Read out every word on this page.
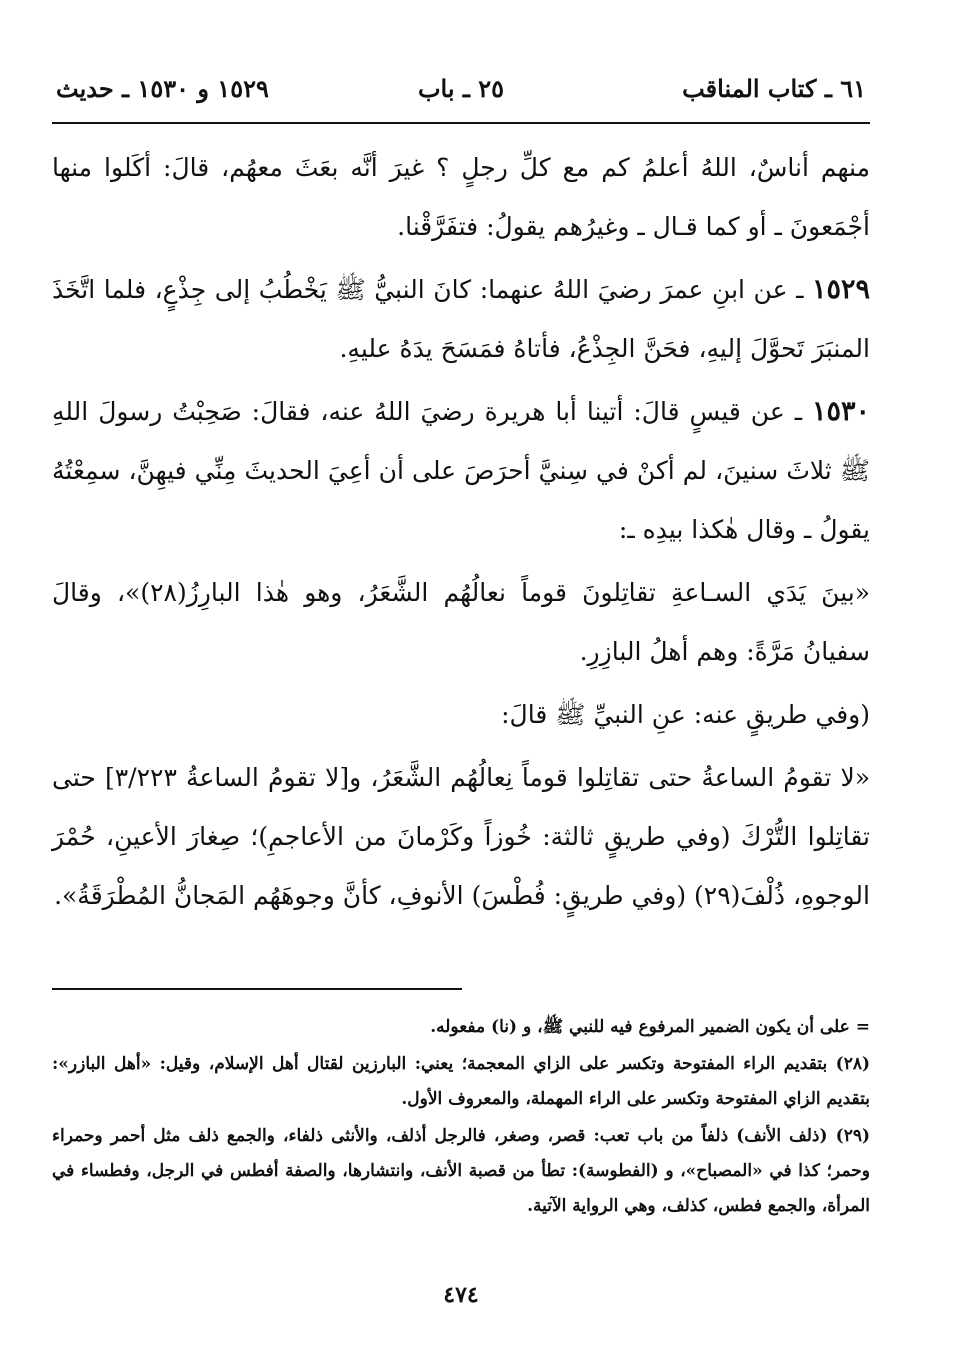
٦١ ـ كتاب المناقب
٢٥ ـ باب
١٥٢٩ و ١٥٣٠ ـ حديث

منهم أناسٌ، اللهُ أعلمُ كم مع كلِّ رجلٍ ؟ غيرَ أنَّه بعَثَ معهُم، قالَ: أكَلوا منها أجْمَعونَ ـ أو كما قـال ـ وغيرُهم يقولُ: فتفَرَّقْنا.

١٥٢٩ ـ عن ابنِ عمرَ رضيَ اللهُ عنهما: كانَ النبيُّ ﷺ يَخْطُبُ إلى جِذْعٍ، فلما اتَّخَذَ المنبَرَ تَحوَّلَ إليهِ، فحَنَّ الجِذْعُ، فأتاهُ فمَسَحَ يدَهُ عليهِ.

١٥٣٠ ـ عن قيسٍ قالَ: أتينا أبا هريرة رضيَ اللهُ عنه، فقالَ: صَحِبْتُ رسولَ اللهِ ﷺ ثلاثَ سنينَ، لم أكنْ في سِنيَّ أحرَصَ على أن أعِيَ الحديثَ مِنِّي فيهِنَّ، سمِعْتُهُ يقولُ ـ وقال هٰكذا بيدِه ـ:

«بينَ يَدَي السـاعةِ تقاتِلونَ قوماً نعالُهُم الشَّعَرُ، وهو هٰذا البارِزُ(٢٨)»، وقالَ سفيانُ مَرَّةً: وهم أهلُ البازِرِ.

(وفي طريقٍ عنه: عنِ النبيِّ ﷺ قالَ:

«لا تقومُ الساعةُ حتى تقاتِلوا قوماً نِعالُهُم الشَّعَرُ، و[لا تقومُ الساعةُ ٣/٢٢٣] حتى تقاتِلوا التُّرْكَ (وفي طريقٍ ثالثة: خُوزاً وكَرْمانَ من الأعاجمِ)؛ صِغارَ الأعينِ، حُمْرَ الوجوهِ، ذُلْفَ(٢٩) (وفي طريقٍ: فُطْسَ) الأنوفِ، كأنَّ وجوهَهُم المَجانُّ المُطْرَقَةُ».

= على أن يكون الضمير المرفوع فيه للنبي ﷺ، و (نا) مفعوله.

(٢٨) بتقديم الراء المفتوحة وتكسر على الزاي المعجمة؛ يعني: البارزين لقتال أهل الإسلام، وقيل: «أهل البازر»: بتقديم الزاي المفتوحة وتكسر على الراء المهملة، والمعروف الأول.

(٢٩) (ذلف الأنف) ذلفاً من باب تعب: قصر، وصغر، فالرجل أذلف، والأنثى ذلفاء، والجمع ذلف مثل أحمر وحمراء وحمر؛ كذا في «المصباح»، و (الفطوسة): تطأ من قصبة الأنف، وانتشارها، والصفة أفطس في الرجل، وفطساء في المرأة، والجمع فطس، كذلف، وهي الرواية الآتية.

٤٧٤
